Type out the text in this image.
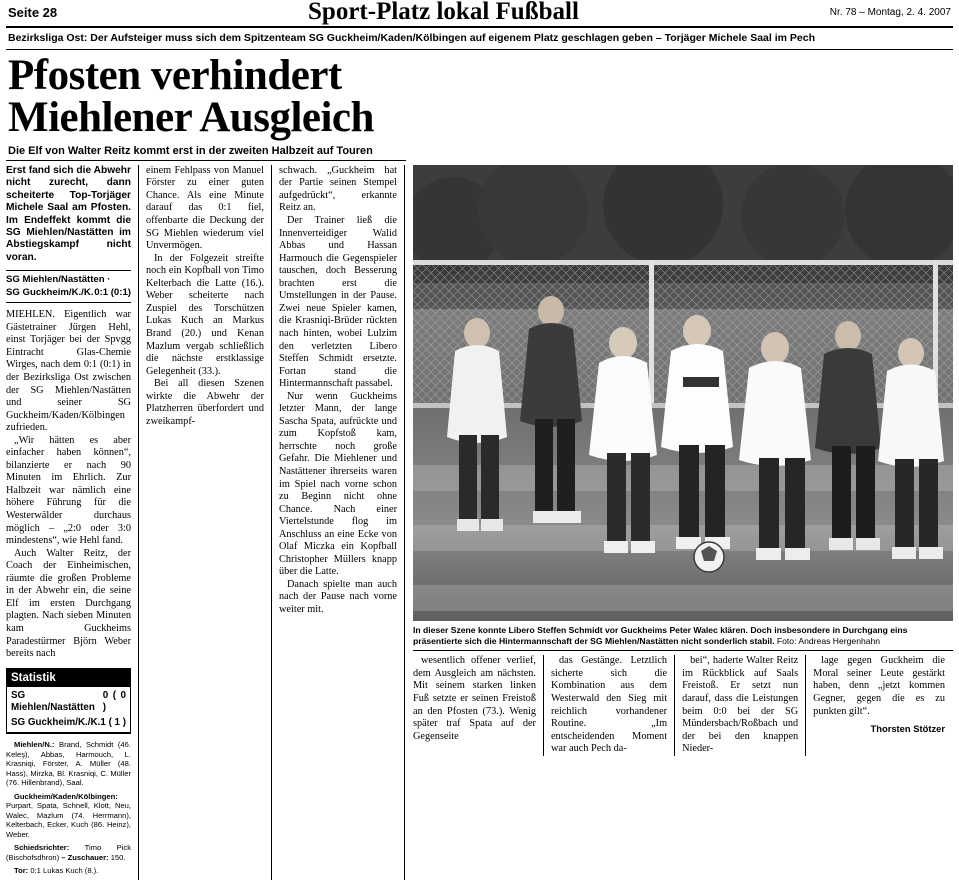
Seite 28	Sport-Platz lokal Fußball	Nr. 78 – Montag, 2. 4. 2007
Bezirksliga Ost: Der Aufsteiger muss sich dem Spitzenteam SG Guckheim/Kaden/Kölbingen auf eigenem Platz geschlagen geben – Torjäger Michele Saal im Pech
Pfosten verhindert Miehlener Ausgleich
Die Elf von Walter Reitz kommt erst in der zweiten Halbzeit auf Touren
Erst fand sich die Abwehr nicht zurecht, dann scheiterte Top-Torjäger Michele Saal am Pfosten. Im Endeffekt kommt die SG Miehlen/Nastätten im Abstiegskampf nicht voran.
SG Miehlen/Nastätten ·
SG Guckheim/K./K. 0:1 (0:1)

MIEHLEN. Eigentlich war Gästetrainer Jürgen Hehl, einst Torjäger bei der Spvgg Eintracht Glas-Chemie Wirges, nach dem 0:1 (0:1) in der Bezirksliga Ost zwischen der SG Miehlen/Nastätten und seiner SG Guckheim/Kaden/Kölbingen zufrieden.

„Wir hätten es aber einfacher haben können“, bilanzierte er nach 90 Minuten im Ehrlich. Zur Halbzeit war nämlich eine höhere Führung für die Westerwälder durchaus möglich – „2:0 oder 3:0 mindestens“, wie Hehl fand.

Auch Walter Reitz, der Coach der Einheimischen, räumte die großen Probleme in der Abwehr ein, die seine Elf im ersten Durchgang plagten. Nach sieben Minuten kam Guckheims Paradestürmer Björn Weber bereits nach

Statistik
SG Miehlen/Nastätten
0 ( 0 )
SG Guckheim/K./K. 1 ( 1 )

Miehlen/N.: Brand, Schmidt (46. Keleş), Abbas, Harmouch, L. Krasniqi, Förster, A. Müller (48. Hass), Mirzka, Bl. Krasniqi, C. Müller (76. Hillenbrand), Saal.

Guckheim/Kaden/Kölbingen: Purpart, Spata, Schnell, Klott, Neu, Walec, Mazlum (74. Herrmann), Kelterbach, Ecker, Kuch (86. Heinz), Weber.

Schiedsrichter: Timo Pick (Bischofsdhron) – Zuschauer: 150.

Tor: 0:1 Lukas Kuch (8.).

einem Fehlpass von Manuel Förster zu einer guten Chance. Als eine Minute darauf das 0:1 fiel, offenbarte die Deckung der SG Miehlen wiederum viel Unvermögen.

In der Folgezeit streifte noch ein Kopfball von Timo Kelterbach die Latte (16.). Weber scheiterte nach Zuspiel des Torschützen Lukas Kuch an Markus Brand (20.) und Kenan Mazlum vergab schließlich die nächste erstklassige Gelegenheit (33.).

Bei all diesen Szenen wirkte die Abwehr der Platzherren überfordert und zweikampf-

schwach. „Guckheim hat der Partie seinen Stempel aufgedrückt“, erkannte Reitz an.

Der Trainer ließ die Innenverteidiger Walid Abbas und Hassan Harmouch die Gegenspieler tauschen, doch Besserung brachten erst die Umstellungen in der Pause. Zwei neue Spieler kamen, die Krasniqi-Brüder rückten nach hinten, wobei Lulzim den verletzten Libero Steffen Schmidt ersetzte. Fortan stand die Hintermannschaft passabel.

Nur wenn Guckheims letzter Mann, der lange Sascha Spata, aufrückte und zum Kopfstoß kam, herrschte noch große Gefahr. Die Miehlener und Nastättener ihrerseits waren im Spiel nach vorne schon zu Beginn nicht ohne Chance. Nach einer Viertelstunde flog im Anschluss an eine Ecke von Olaf Miczka ein Kopfball Christopher Müllers knapp über die Latte.

Danach spielte man auch nach der Pause nach vorne weiter mit.

In dieser Szene konnte Libero Steffen Schmidt vor Guckheims Peter Walec klären. Doch insbesondere in Durchgang eins präsentierte sich die Hintermannschaft der SG Miehlen/Nastätten nicht sonderlich stabil. Foto: Andreas Hergenhahn

wesentlich offener verlief, dem Ausgleich am nächsten. Mit seinem starken linken Fuß setzte er seinen Freistoß an den Pfosten (73.). Wenig später traf Spata auf der Gegenseite

das Gestänge. Letztlich sicherte sich die Kombination aus dem Westerwald den Sieg mit reichlich vorhandener Routine. „Im entscheidenden Moment war auch Pech da-

bei“, haderte Walter Reitz im Rückblick auf Saals Freistoß. Er setzt nun darauf, dass die Leistungen beim 0:0 bei der SG Mündersbach/Roßbach und der bei den knappen Nieder-

lage gegen Guckheim die Moral seiner Leute gestärkt haben, denn „jetzt kommen Gegner, gegen die es zu punkten gilt“.

Thorsten Stötzer
